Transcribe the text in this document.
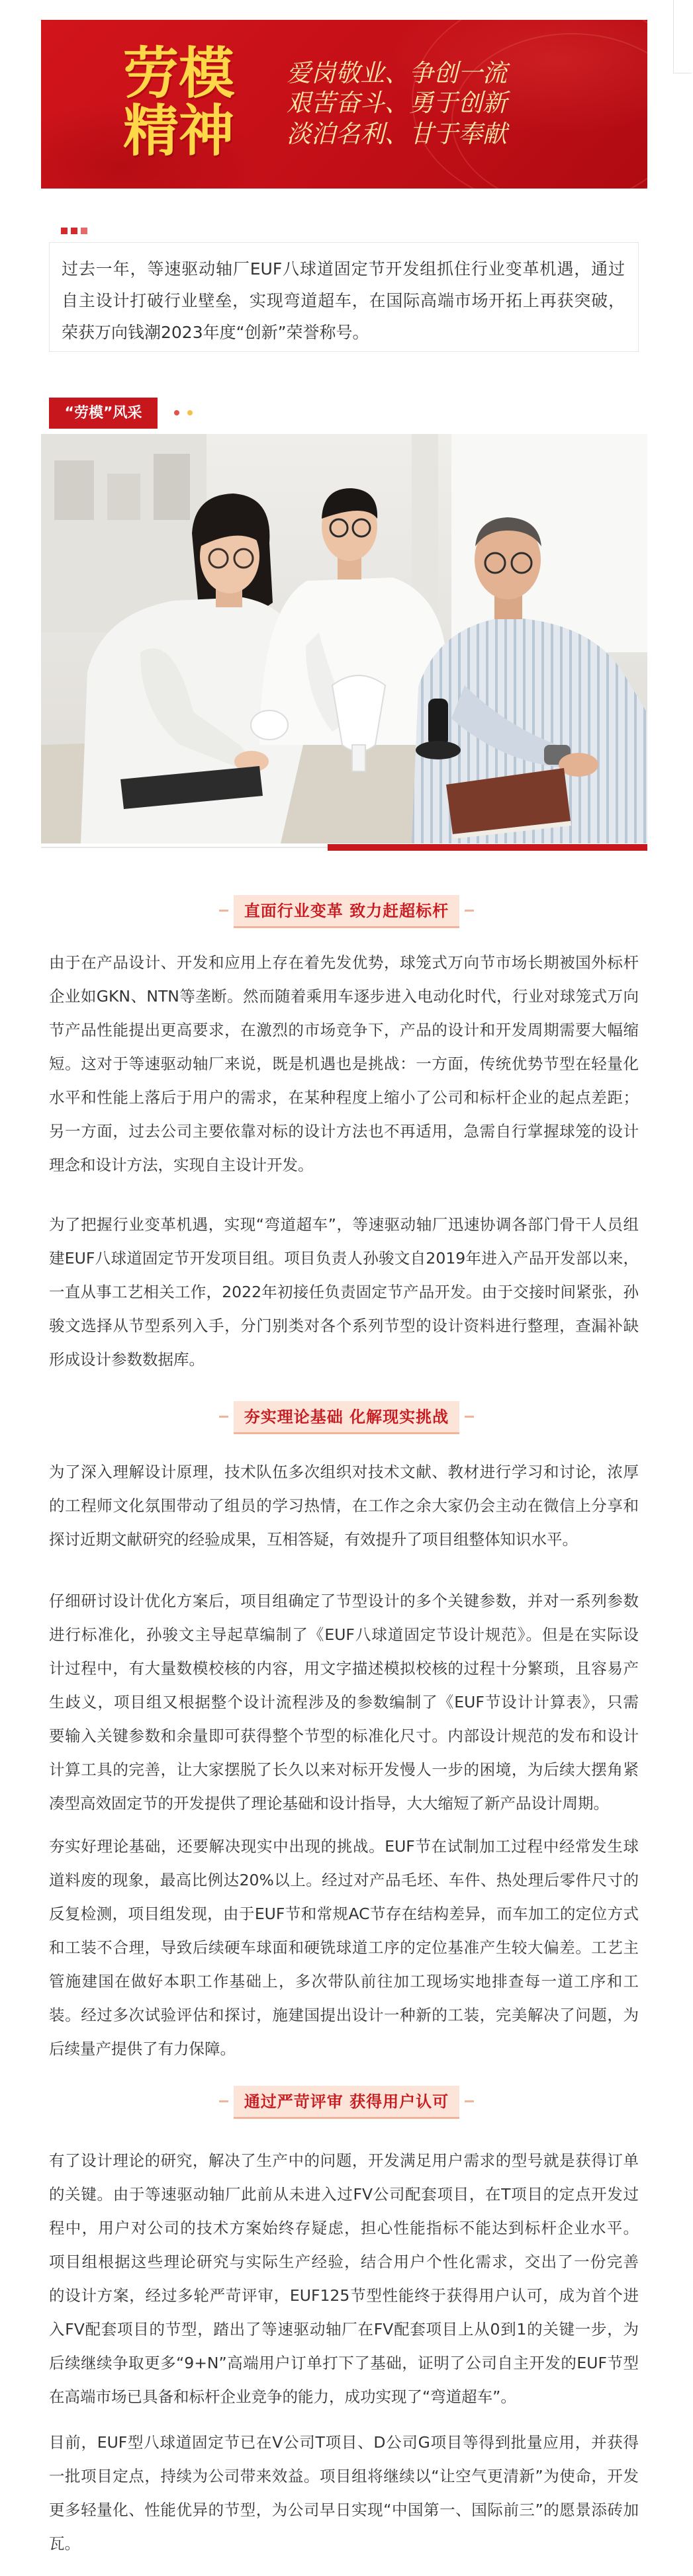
劳模
精神
爱岗敬业、争创一流
艰苦奋斗、勇于创新
淡泊名利、甘于奉献
过去一年，等速驱动轴厂EUF八球道固定节开发组抓住行业变革机遇，通过
自主设计打破行业壁垒，实现弯道超车，在国际高端市场开拓上再获突破，
荣获万向钱潮2023年度“创新”荣誉称号。
“劳模”风采
直面行业变革 致力赶超标杆
由于在产品设计、开发和应用上存在着先发优势，球笼式万向节市场长期被国外标杆
企业如GKN、NTN等垄断。然而随着乘用车逐步进入电动化时代，行业对球笼式万向
节产品性能提出更高要求，在激烈的市场竞争下，产品的设计和开发周期需要大幅缩
短。这对于等速驱动轴厂来说，既是机遇也是挑战：一方面，传统优势节型在轻量化
水平和性能上落后于用户的需求，在某种程度上缩小了公司和标杆企业的起点差距；
另一方面，过去公司主要依靠对标的设计方法也不再适用，急需自行掌握球笼的设计
理念和设计方法，实现自主设计开发。
为了把握行业变革机遇，实现“弯道超车”，等速驱动轴厂迅速协调各部门骨干人员组
建EUF八球道固定节开发项目组。项目负责人孙骏文自2019年进入产品开发部以来，
一直从事工艺相关工作，2022年初接任负责固定节产品开发。由于交接时间紧张，孙
骏文选择从节型系列入手，分门别类对各个系列节型的设计资料进行整理，查漏补缺
形成设计参数数据库。
夯实理论基础 化解现实挑战
为了深入理解设计原理，技术队伍多次组织对技术文献、教材进行学习和讨论，浓厚
的工程师文化氛围带动了组员的学习热情，在工作之余大家仍会主动在微信上分享和
探讨近期文献研究的经验成果，互相答疑，有效提升了项目组整体知识水平。
仔细研讨设计优化方案后，项目组确定了节型设计的多个关键参数，并对一系列参数
进行标准化，孙骏文主导起草编制了《EUF八球道固定节设计规范》。但是在实际设
计过程中，有大量数模校核的内容，用文字描述模拟校核的过程十分繁琐，且容易产
生歧义，项目组又根据整个设计流程涉及的参数编制了《EUF节设计计算表》，只需
要输入关键参数和余量即可获得整个节型的标准化尺寸。内部设计规范的发布和设计
计算工具的完善，让大家摆脱了长久以来对标开发慢人一步的困境，为后续大摆角紧
凑型高效固定节的开发提供了理论基础和设计指导，大大缩短了新产品设计周期。
夯实好理论基础，还要解决现实中出现的挑战。EUF节在试制加工过程中经常发生球
道料废的现象，最高比例达20%以上。经过对产品毛坯、车件、热处理后零件尺寸的
反复检测，项目组发现，由于EUF节和常规AC节存在结构差异，而车加工的定位方式
和工装不合理，导致后续硬车球面和硬铣球道工序的定位基准产生较大偏差。工艺主
管施建国在做好本职工作基础上，多次带队前往加工现场实地排查每一道工序和工
装。经过多次试验评估和探讨，施建国提出设计一种新的工装，完美解决了问题，为
后续量产提供了有力保障。
通过严苛评审 获得用户认可
有了设计理论的研究，解决了生产中的问题，开发满足用户需求的型号就是获得订单
的关键。由于等速驱动轴厂此前从未进入过FV公司配套项目，在T项目的定点开发过
程中，用户对公司的技术方案始终存疑虑，担心性能指标不能达到标杆企业水平。
项目组根据这些理论研究与实际生产经验，结合用户个性化需求，交出了一份完善
的设计方案，经过多轮严苛评审，EUF125节型性能终于获得用户认可，成为首个进
入FV配套项目的节型，踏出了等速驱动轴厂在FV配套项目上从0到1的关键一步，为
后续继续争取更多“9+N”高端用户订单打下了基础，证明了公司自主开发的EUF节型
在高端市场已具备和标杆企业竞争的能力，成功实现了“弯道超车”。
目前，EUF型八球道固定节已在V公司T项目、D公司G项目等得到批量应用，并获得
一批项目定点，持续为公司带来效益。项目组将继续以“让空气更清新”为使命，开发
更多轻量化、性能优异的节型，为公司早日实现“中国第一、国际前三”的愿景添砖加
瓦。
